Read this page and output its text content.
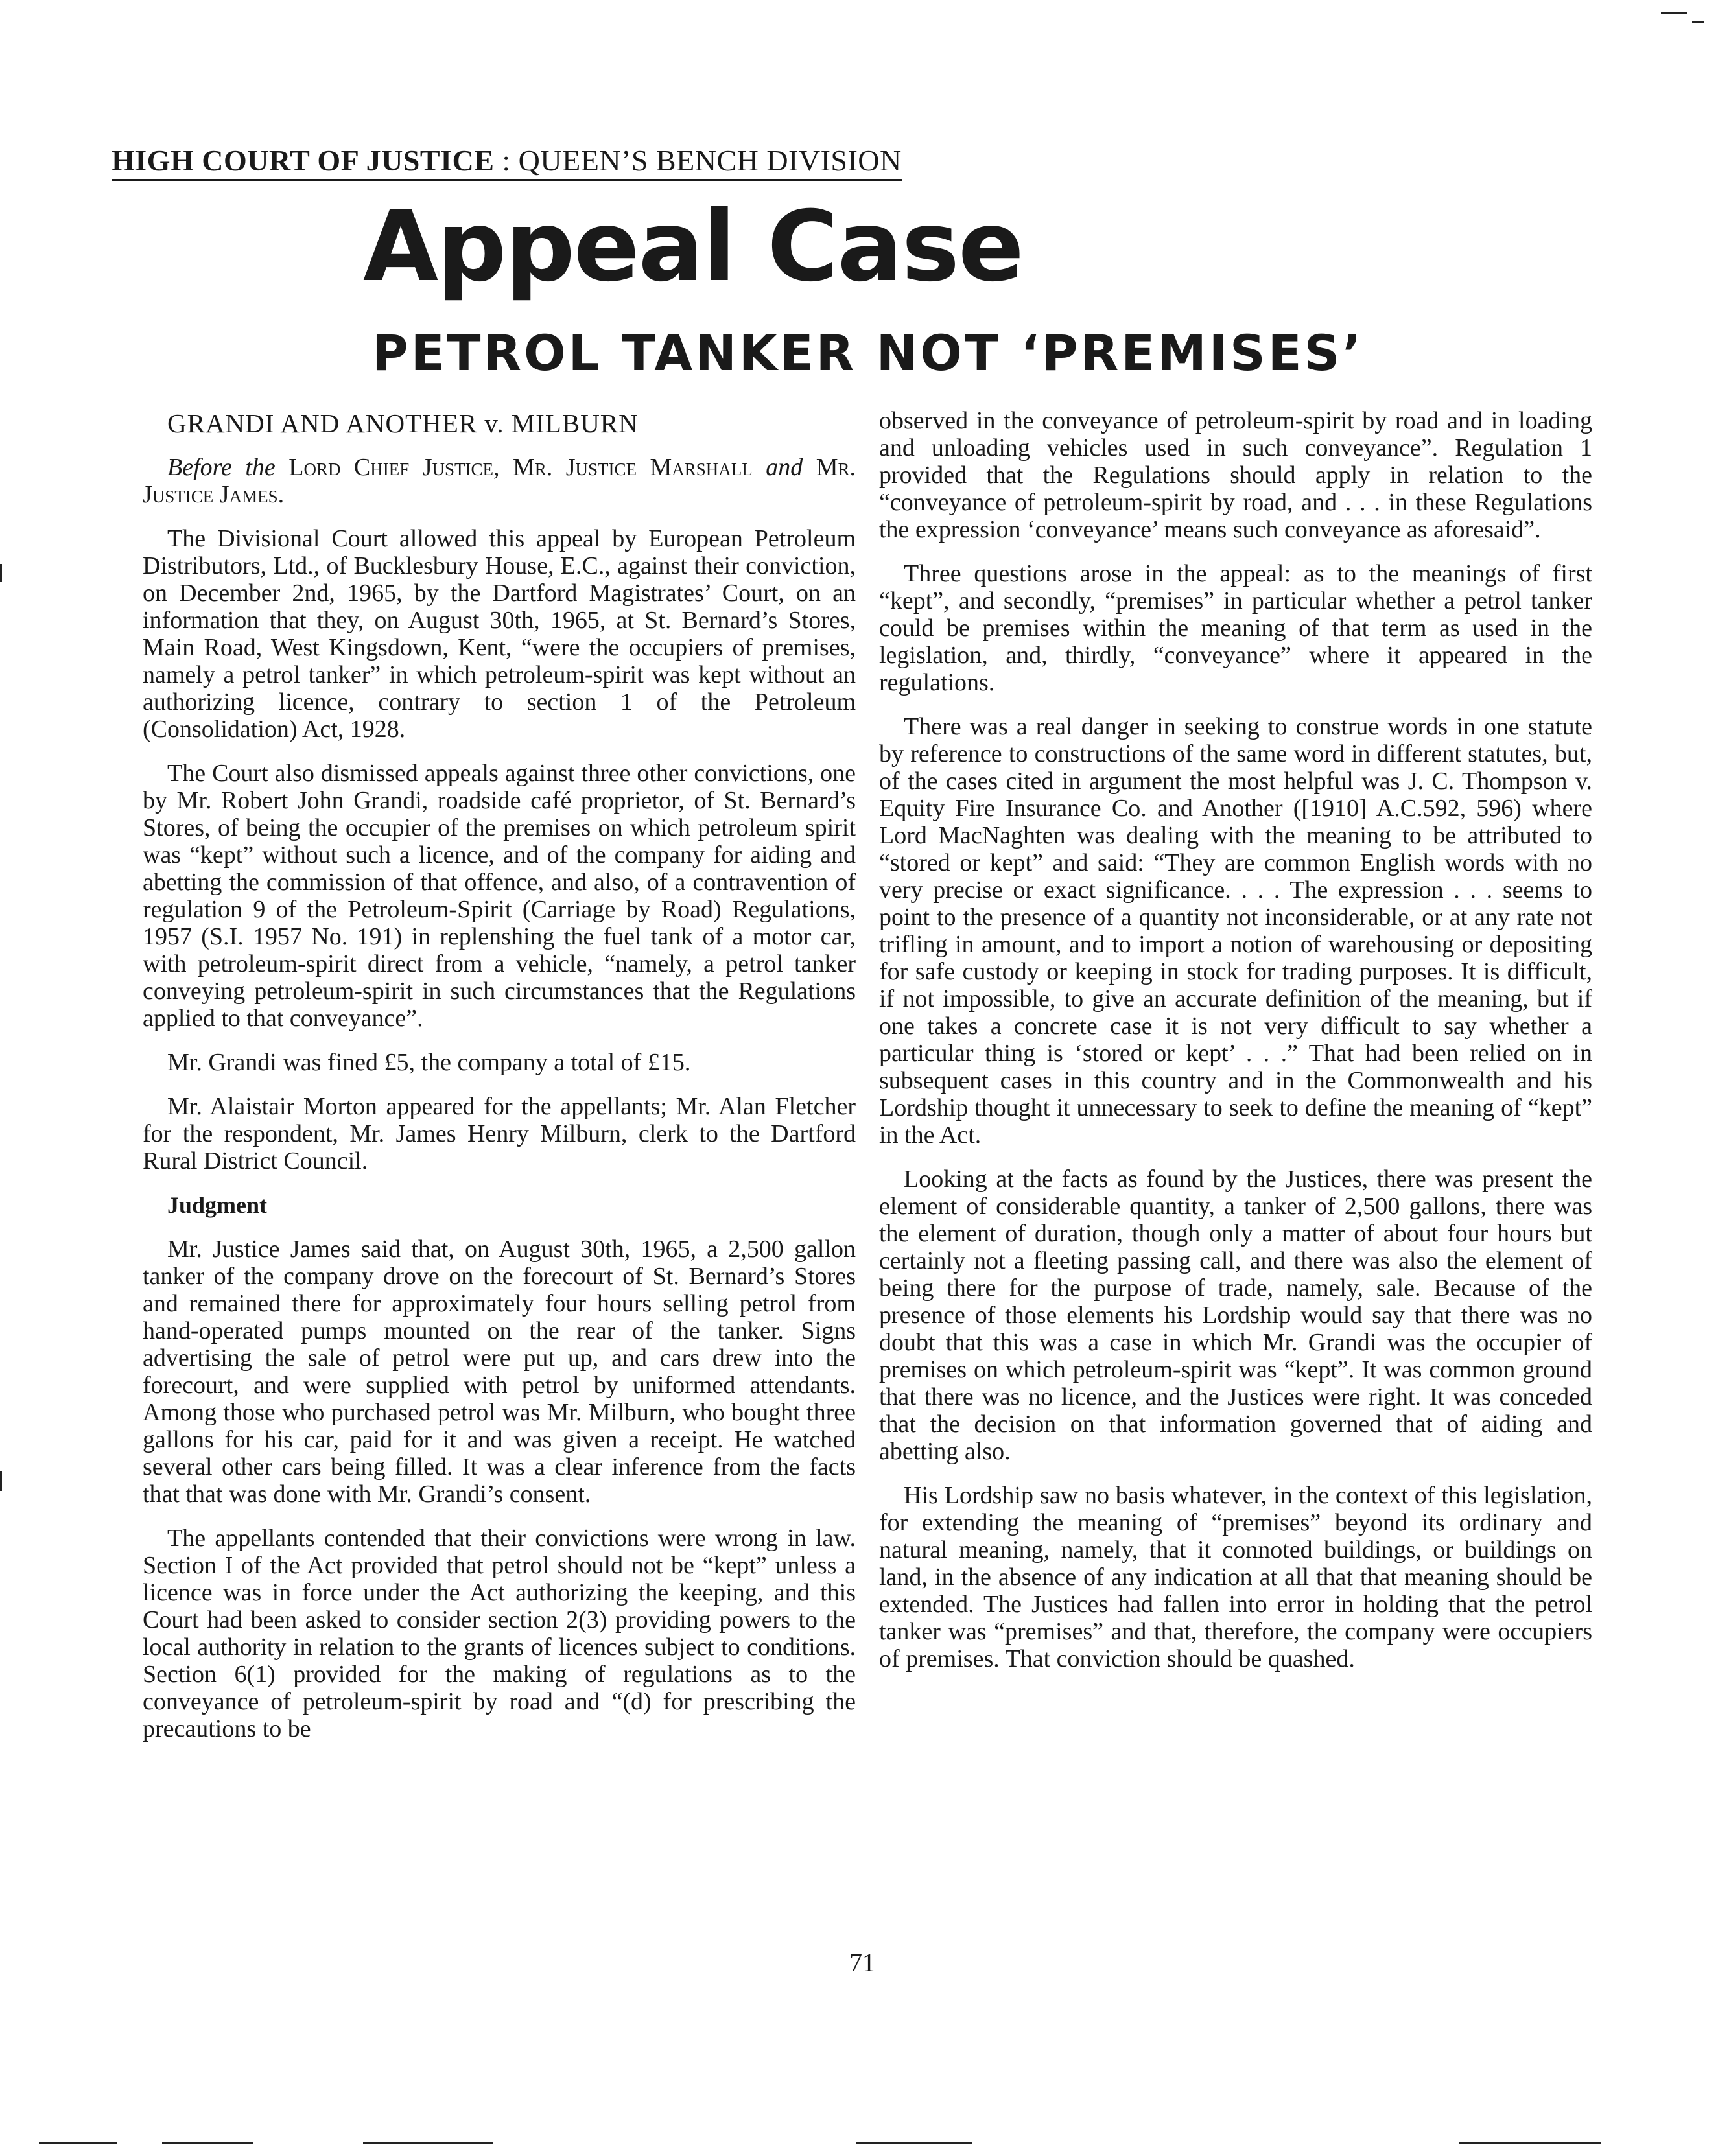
HIGH COURT OF JUSTICE : QUEEN’S BENCH DIVISION
Appeal Case
PETROL TANKER NOT ‘PREMISES’

GRANDI AND ANOTHER v. MILBURN

Before the Lord Chief Justice, Mr. Justice Marshall and Mr. Justice James.

The Divisional Court allowed this appeal by European Petroleum Distributors, Ltd., of Bucklesbury House, E.C., against their conviction, on December 2nd, 1965, by the Dartford Magistrates’ Court, on an information that they, on August 30th, 1965, at St. Bernard’s Stores, Main Road, West Kingsdown, Kent, “were the occupiers of premises, namely a petrol tanker” in which petroleum-spirit was kept without an authorizing licence, contrary to section 1 of the Petroleum (Consolidation) Act, 1928.

The Court also dismissed appeals against three other convictions, one by Mr. Robert John Grandi, roadside café proprietor, of St. Bernard’s Stores, of being the occupier of the premises on which petroleum spirit was “kept” without such a licence, and of the company for aiding and abetting the commission of that offence, and also, of a contravention of regulation 9 of the Petroleum-Spirit (Carriage by Road) Regulations, 1957 (S.I. 1957 No. 191) in replenshing the fuel tank of a motor car, with petroleum-spirit direct from a vehicle, “namely, a petrol tanker conveying petroleum-spirit in such circumstances that the Regulations applied to that conveyance”.

Mr. Grandi was fined £5, the company a total of £15.

Mr. Alaistair Morton appeared for the appellants; Mr. Alan Fletcher for the respondent, Mr. James Henry Milburn, clerk to the Dartford Rural District Council.

Judgment

Mr. Justice James said that, on August 30th, 1965, a 2,500 gallon tanker of the company drove on the forecourt of St. Bernard’s Stores and remained there for approximately four hours selling petrol from hand-operated pumps mounted on the rear of the tanker. Signs advertising the sale of petrol were put up, and cars drew into the forecourt, and were supplied with petrol by uniformed attendants. Among those who purchased petrol was Mr. Milburn, who bought three gallons for his car, paid for it and was given a receipt. He watched several other cars being filled. It was a clear inference from the facts that that was done with Mr. Grandi’s consent.

The appellants contended that their convictions were wrong in law. Section I of the Act provided that petrol should not be “kept” unless a licence was in force under the Act authorizing the keeping, and this Court had been asked to consider section 2(3) providing powers to the local authority in relation to the grants of licences subject to conditions. Section 6(1) provided for the making of regulations as to the conveyance of petroleum-spirit by road and “(d) for prescribing the precautions to be

observed in the conveyance of petroleum-spirit by road and in loading and unloading vehicles used in such conveyance”. Regulation 1 provided that the Regulations should apply in relation to the “conveyance of petroleum-spirit by road, and . . . in these Regulations the expression ‘conveyance’ means such conveyance as aforesaid”.

Three questions arose in the appeal: as to the meanings of first “kept”, and secondly, “premises” in particular whether a petrol tanker could be premises within the meaning of that term as used in the legislation, and, thirdly, “conveyance” where it appeared in the regulations.

There was a real danger in seeking to construe words in one statute by reference to constructions of the same word in different statutes, but, of the cases cited in argument the most helpful was J. C. Thompson v. Equity Fire Insurance Co. and Another ([1910] A.C.592, 596) where Lord MacNaghten was dealing with the meaning to be attributed to “stored or kept” and said: “They are common English words with no very precise or exact significance. . . . The expression . . . seems to point to the presence of a quantity not inconsiderable, or at any rate not trifling in amount, and to import a notion of warehousing or depositing for safe custody or keeping in stock for trading purposes. It is difficult, if not impossible, to give an accurate definition of the meaning, but if one takes a concrete case it is not very difficult to say whether a particular thing is ‘stored or kept’ . . .” That had been relied on in subsequent cases in this country and in the Commonwealth and his Lordship thought it unnecessary to seek to define the meaning of “kept” in the Act.

Looking at the facts as found by the Justices, there was present the element of considerable quantity, a tanker of 2,500 gallons, there was the element of duration, though only a matter of about four hours but certainly not a fleeting passing call, and there was also the element of being there for the purpose of trade, namely, sale. Because of the presence of those elements his Lordship would say that there was no doubt that this was a case in which Mr. Grandi was the occupier of premises on which petroleum-spirit was “kept”. It was common ground that there was no licence, and the Justices were right. It was conceded that the decision on that information governed that of aiding and abetting also.

His Lordship saw no basis whatever, in the context of this legislation, for extending the meaning of “premises” beyond its ordinary and natural meaning, namely, that it connoted buildings, or buildings on land, in the absence of any indication at all that that meaning should be extended. The Justices had fallen into error in holding that the petrol tanker was “premises” and that, therefore, the company were occupiers of premises. That conviction should be quashed.

71
